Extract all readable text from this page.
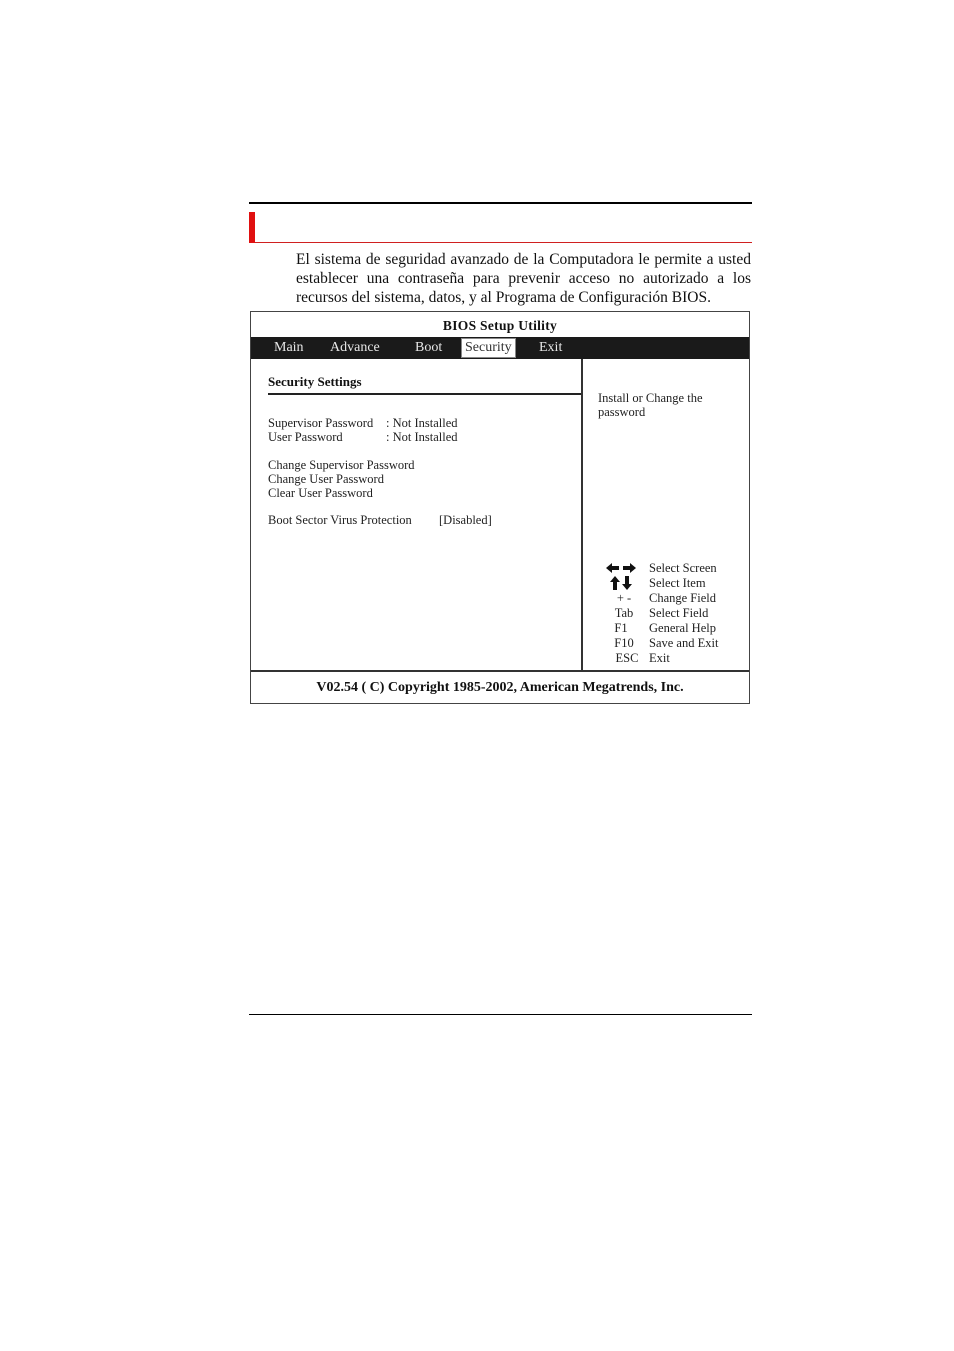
El sistema de seguridad avanzado de la Computadora le permite a usted establecer una contraseña para prevenir acceso no autorizado a los recursos del sistema, datos, y al Programa de Configuración BIOS.
BIOS Setup Utility
Main Advance	Boot Security Exit
Security Settings
Supervisor Password : Not Installed
User Password	: Not Installed
Change Supervisor Password
Change User Password
Clear User Password
Boot Sector Virus Protection [Disabled]
Install or Change the password
Select Screen
Select Item
+ -	Change Field
Tab	Select Field
F1	General Help
F10	Save and Exit
ESC Exit
V02.54 ( C) Copyright 1985-2002, American Megatrends, Inc.
